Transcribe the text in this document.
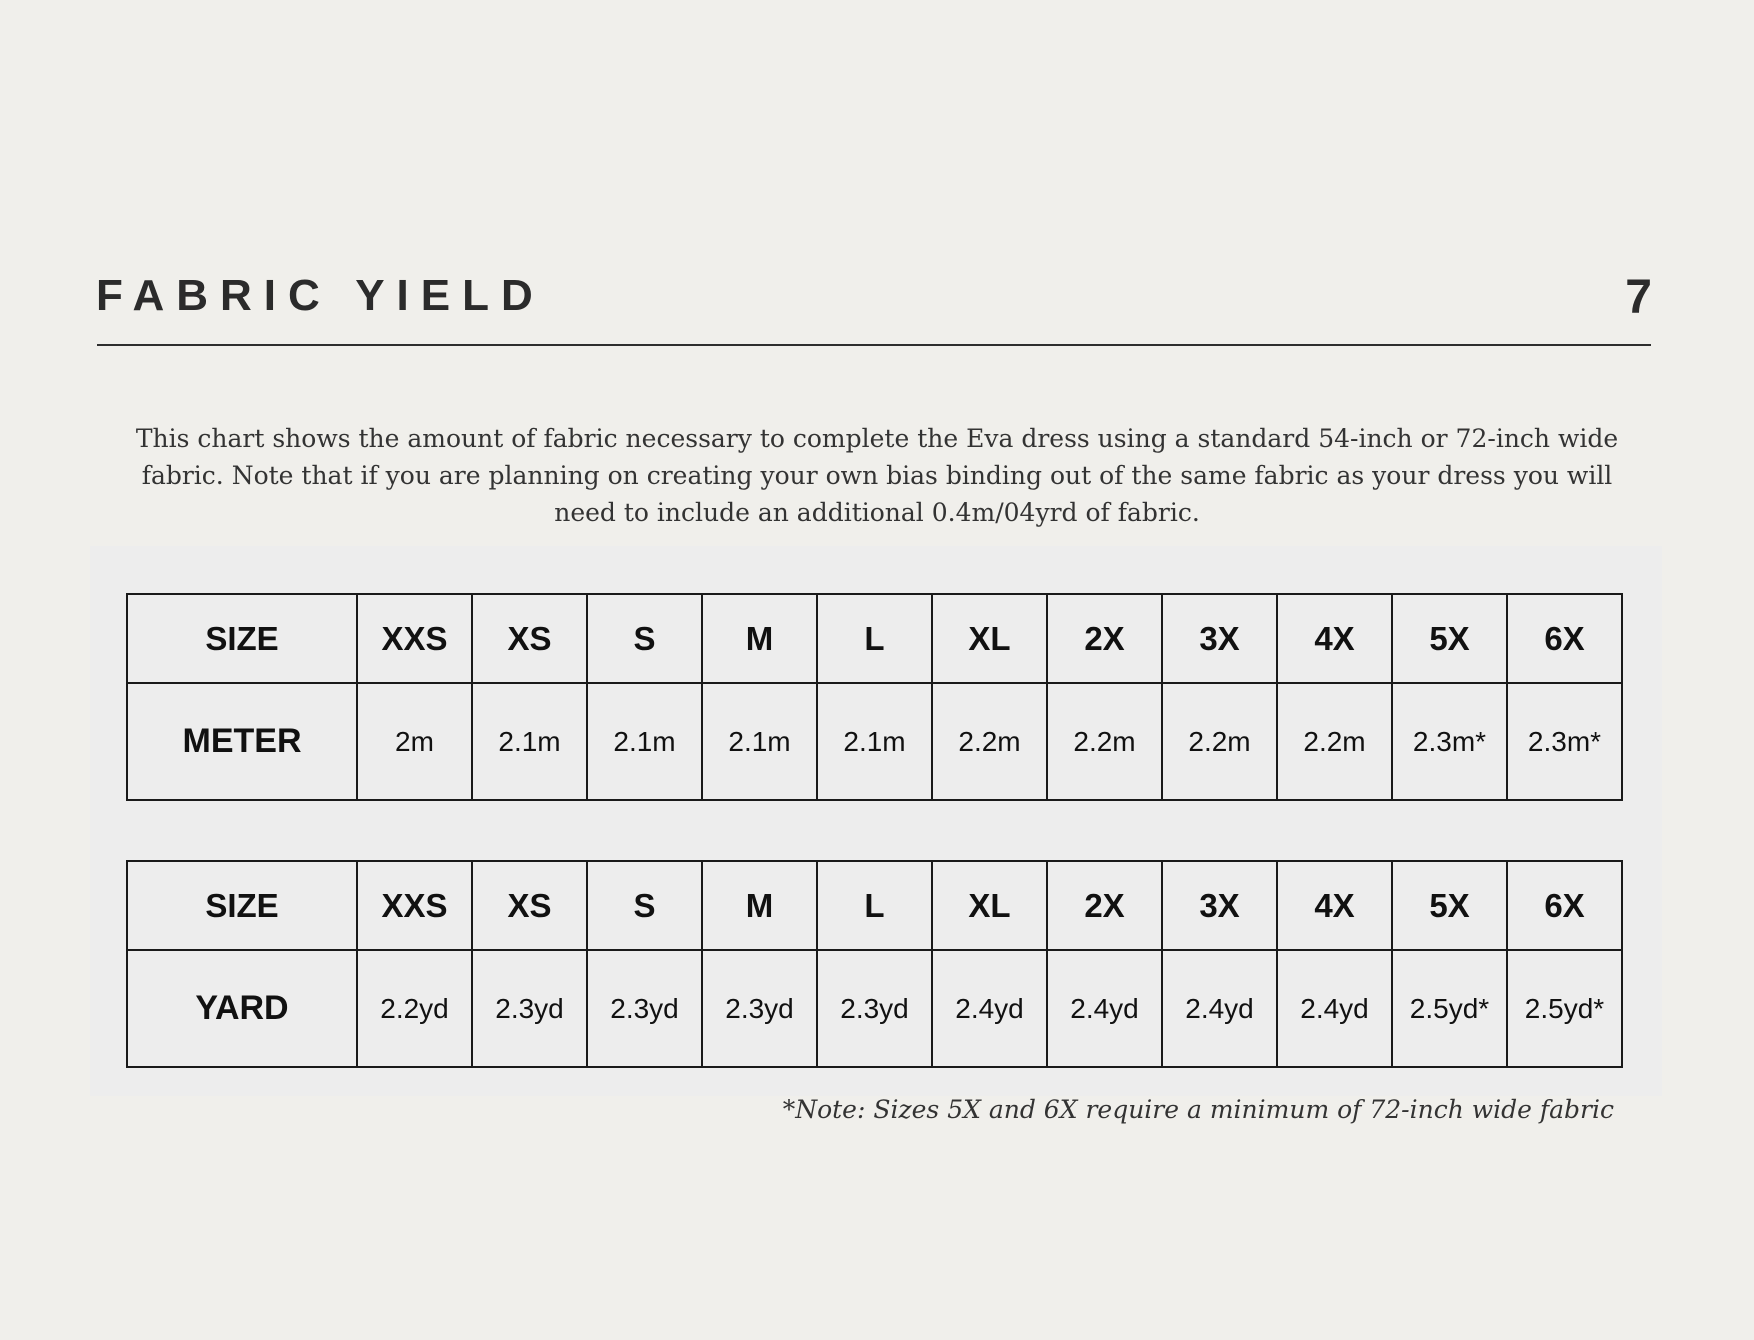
FABRIC YIELD	7
This chart shows the amount of fabric necessary to complete the Eva dress using a standard 54-inch or 72-inch wide fabric. Note that if you are planning on creating your own bias binding out of the same fabric as your dress you will need to include an additional 0.4m/04yrd of fabric.
SIZE	XXS	XS	S	M	L	XL	2X	3X	4X	5X	6X
METER	2m	2.1m	2.1m	2.1m	2.1m	2.2m	2.2m	2.2m	2.2m	2.3m*	2.3m*
SIZE	XXS	XS	S	M	L	XL	2X	3X	4X	5X	6X
YARD	2.2yd	2.3yd	2.3yd	2.3yd	2.3yd	2.4yd	2.4yd	2.4yd	2.4yd	2.5yd*	2.5yd*
*Note: Sizes 5X and 6X require a minimum of 72-inch wide fabric
